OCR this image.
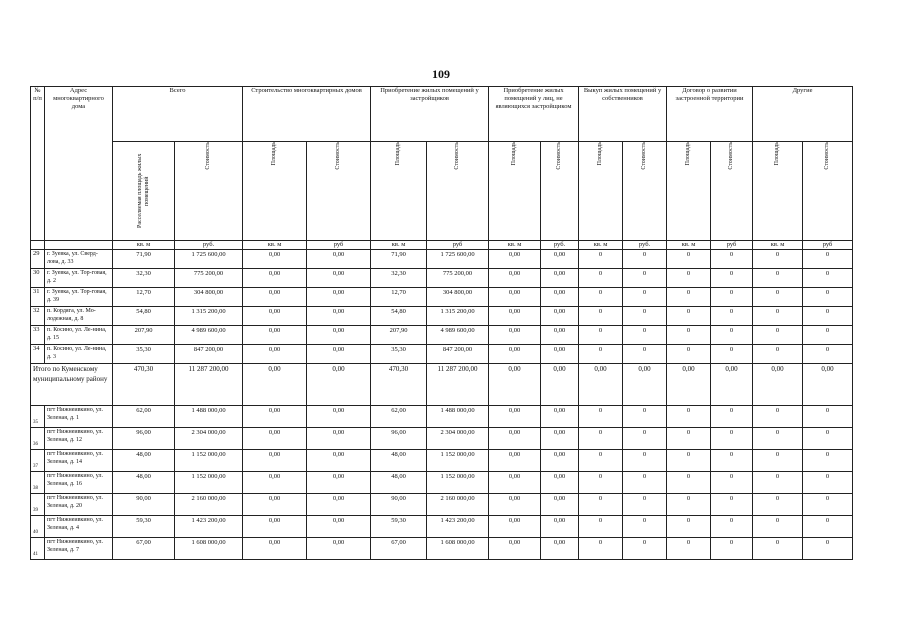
109
№ п/п	Адрес многоквартирного дома	Всего		Строительство многоквартирных домов		Приобретение жилых помещений у застройщиков		Приобретение жилых помещений у лиц, не являющихся застройщиком		Выкуп жилых помещений у собственников		Договор о развитии застроенной территории		Другие	

		Расселяемая площадь жилых помещений	Стоимость	Площадь	Стоимость	Площадь	Стоимость	Площадь	Стоимость	Площадь	Стоимость	Площадь	Стоимость	Площадь	Стоимость

		кв. м	руб.	кв. м	руб	кв. м	руб	кв. м	руб.	кв. м	руб.	кв. м	руб	кв. м	руб
29	г. Зуевка, ул. Сверд-лова, д. 33	71,90	1 725 600,00	0,00	0,00	71,90	1 725 600,00	0,00	0,00	0	0	0	0	0	0
30	г. Зуевка, ул. Тор-говая, д. 2	32,30	775 200,00	0,00	0,00	32,30	775 200,00	0,00	0,00	0	0	0	0	0	0
31	г. Зуевка, ул. Тор-говая, д. 39	12,70	304 800,00	0,00	0,00	12,70	304 800,00	0,00	0,00	0	0	0	0	0	0
32	п. Кордяга, ул. Мо-лодежная, д. 8	54,80	1 315 200,00	0,00	0,00	54,80	1 315 200,00	0,00	0,00	0	0	0	0	0	0
33	п. Косино, ул. Ле-нина, д. 15	207,90	4 989 600,00	0,00	0,00	207,90	4 989 600,00	0,00	0,00	0	0	0	0	0	0
34	п. Косино, ул. Ле-нина, д. 3	35,30	847 200,00	0,00	0,00	35,30	847 200,00	0,00	0,00	0	0	0	0	0	0
Итого по Куменскому муниципальному району		470,30	11 287 200,00	0,00	0,00	470,30	11 287 200,00	0,00	0,00	0,00	0,00	0,00	0,00	0,00	0,00
35	пгт Нижнеивкино, ул. Зеленая, д. 1	62,00	1 488 000,00	0,00	0,00	62,00	1 488 000,00	0,00	0,00	0	0	0	0	0	0
36	пгт Нижнеивкино, ул. Зеленая, д. 12	96,00	2 304 000,00	0,00	0,00	96,00	2 304 000,00	0,00	0,00	0	0	0	0	0	0
37	пгт Нижнеивкино, ул. Зеленая, д. 14	48,00	1 152 000,00	0,00	0,00	48,00	1 152 000,00	0,00	0,00	0	0	0	0	0	0
38	пгт Нижнеивкино, ул. Зеленая, д. 16	48,00	1 152 000,00	0,00	0,00	48,00	1 152 000,00	0,00	0,00	0	0	0	0	0	0
39	пгт Нижнеивкино, ул. Зеленая, д. 20	90,00	2 160 000,00	0,00	0,00	90,00	2 160 000,00	0,00	0,00	0	0	0	0	0	0
40	пгт Нижнеивкино, ул. Зеленая, д. 4	59,30	1 423 200,00	0,00	0,00	59,30	1 423 200,00	0,00	0,00	0	0	0	0	0	0
41	пгт Нижнеивкино, ул. Зеленая, д. 7	67,00	1 608 000,00	0,00	0,00	67,00	1 608 000,00	0,00	0,00	0	0	0	0	0	0
